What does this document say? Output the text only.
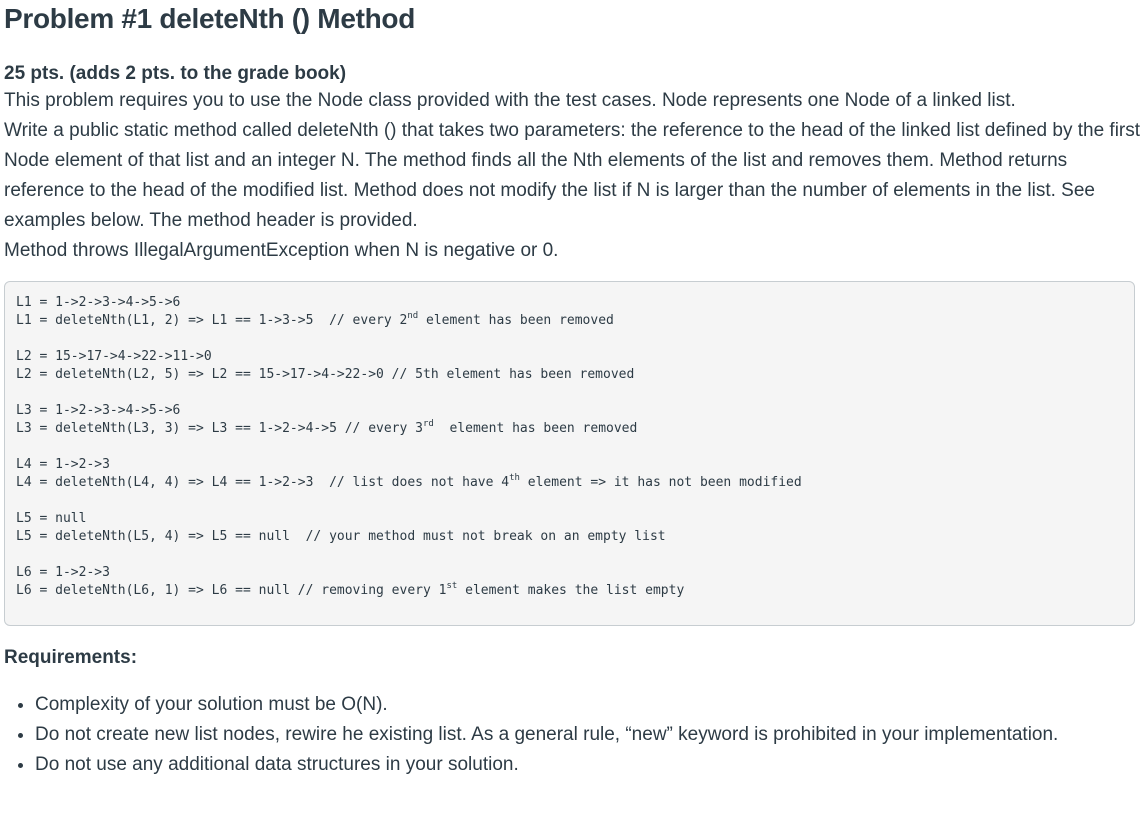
Problem #1 deleteNth () Method
25 pts. (adds 2 pts. to the grade book)

This problem requires you to use the Node class provided with the test cases. Node represents one Node of a linked list.

Write a public static method called deleteNth () that takes two parameters: the reference to the head of the linked list defined by the first Node element of that list and an integer N. The method finds all the Nth elements of the list and removes them. Method returns reference to the head of the modified list. Method does not modify the list if N is larger than the number of elements in the list. See examples below. The method header is provided.

Method throws IllegalArgumentException when N is negative or 0.

L1 = 1->2->3->4->5->6
L1 = deleteNth(L1, 2) => L1 == 1->3->5  // every 2nd element has been removed
L2 = 15->17->4->22->11->0
L2 = deleteNth(L2, 5) => L2 == 15->17->4->22->0 // 5th element has been removed
L3 = 1->2->3->4->5->6
L3 = deleteNth(L3, 3) => L3 == 1->2->4->5 // every 3rd  element has been removed
L4 = 1->2->3
L4 = deleteNth(L4, 4) => L4 == 1->2->3  // list does not have 4th element => it has not been modified
L5 = null
L5 = deleteNth(L5, 4) => L5 == null  // your method must not break on an empty list
L6 = 1->2->3
L6 = deleteNth(L6, 1) => L6 == null // removing every 1st element makes the list empty
Requirements:
• Complexity of your solution must be O(N).
• Do not create new list nodes, rewire he existing list. As a general rule, “new” keyword is prohibited in your implementation.
• Do not use any additional data structures in your solution.
